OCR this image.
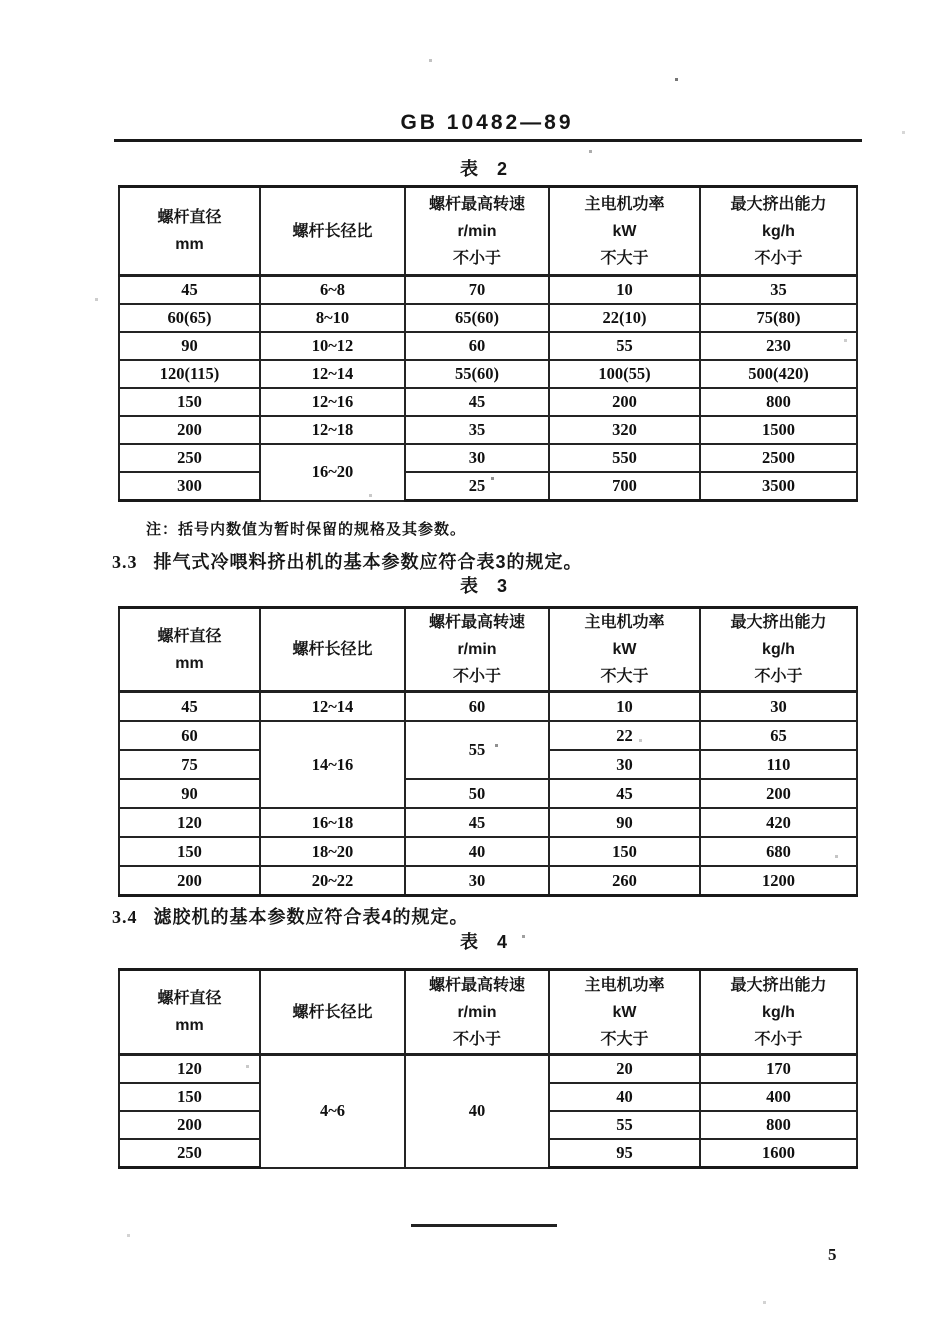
GB 10482—89
表 2
螺杆直径
mm

螺杆长径比

螺杆最高转速
r/min
不小于

主电机功率
kW
不大于

最大挤出能力
kg/h
不小于

45	6~8	70	10	35
60(65)	8~10	65(60)	22(10)	75(80)
90	10~12	60	55	230
120(115)	12~14	55(60)	100(55)	500(420)
150	12~16	45	200	800
200	12~18	35	320	1500
250	16~20	30	550	2500
300		25	700	3500
注：括号内数值为暂时保留的规格及其参数。
3.3 排气式冷喂料挤出机的基本参数应符合表3的规定。
表 3
螺杆直径
mm

螺杆长径比

螺杆最高转速
r/min
不小于

主电机功率
kW
不大于

最大挤出能力
kg/h
不小于

45	12~14	60	10	30
60	14~16	55	22	65
75			30	110
90		50	45	200
120	16~18	45	90	420
150	18~20	40	150	680
200	20~22	30	260	1200
3.4 滤胶机的基本参数应符合表4的规定。
表 4
螺杆直径
mm

螺杆长径比

螺杆最高转速
r/min
不小于

主电机功率
kW
不大于

最大挤出能力
kg/h
不小于

120	4~6	40	20	170
150			40	400
200			55	800
250			95	1600
5
